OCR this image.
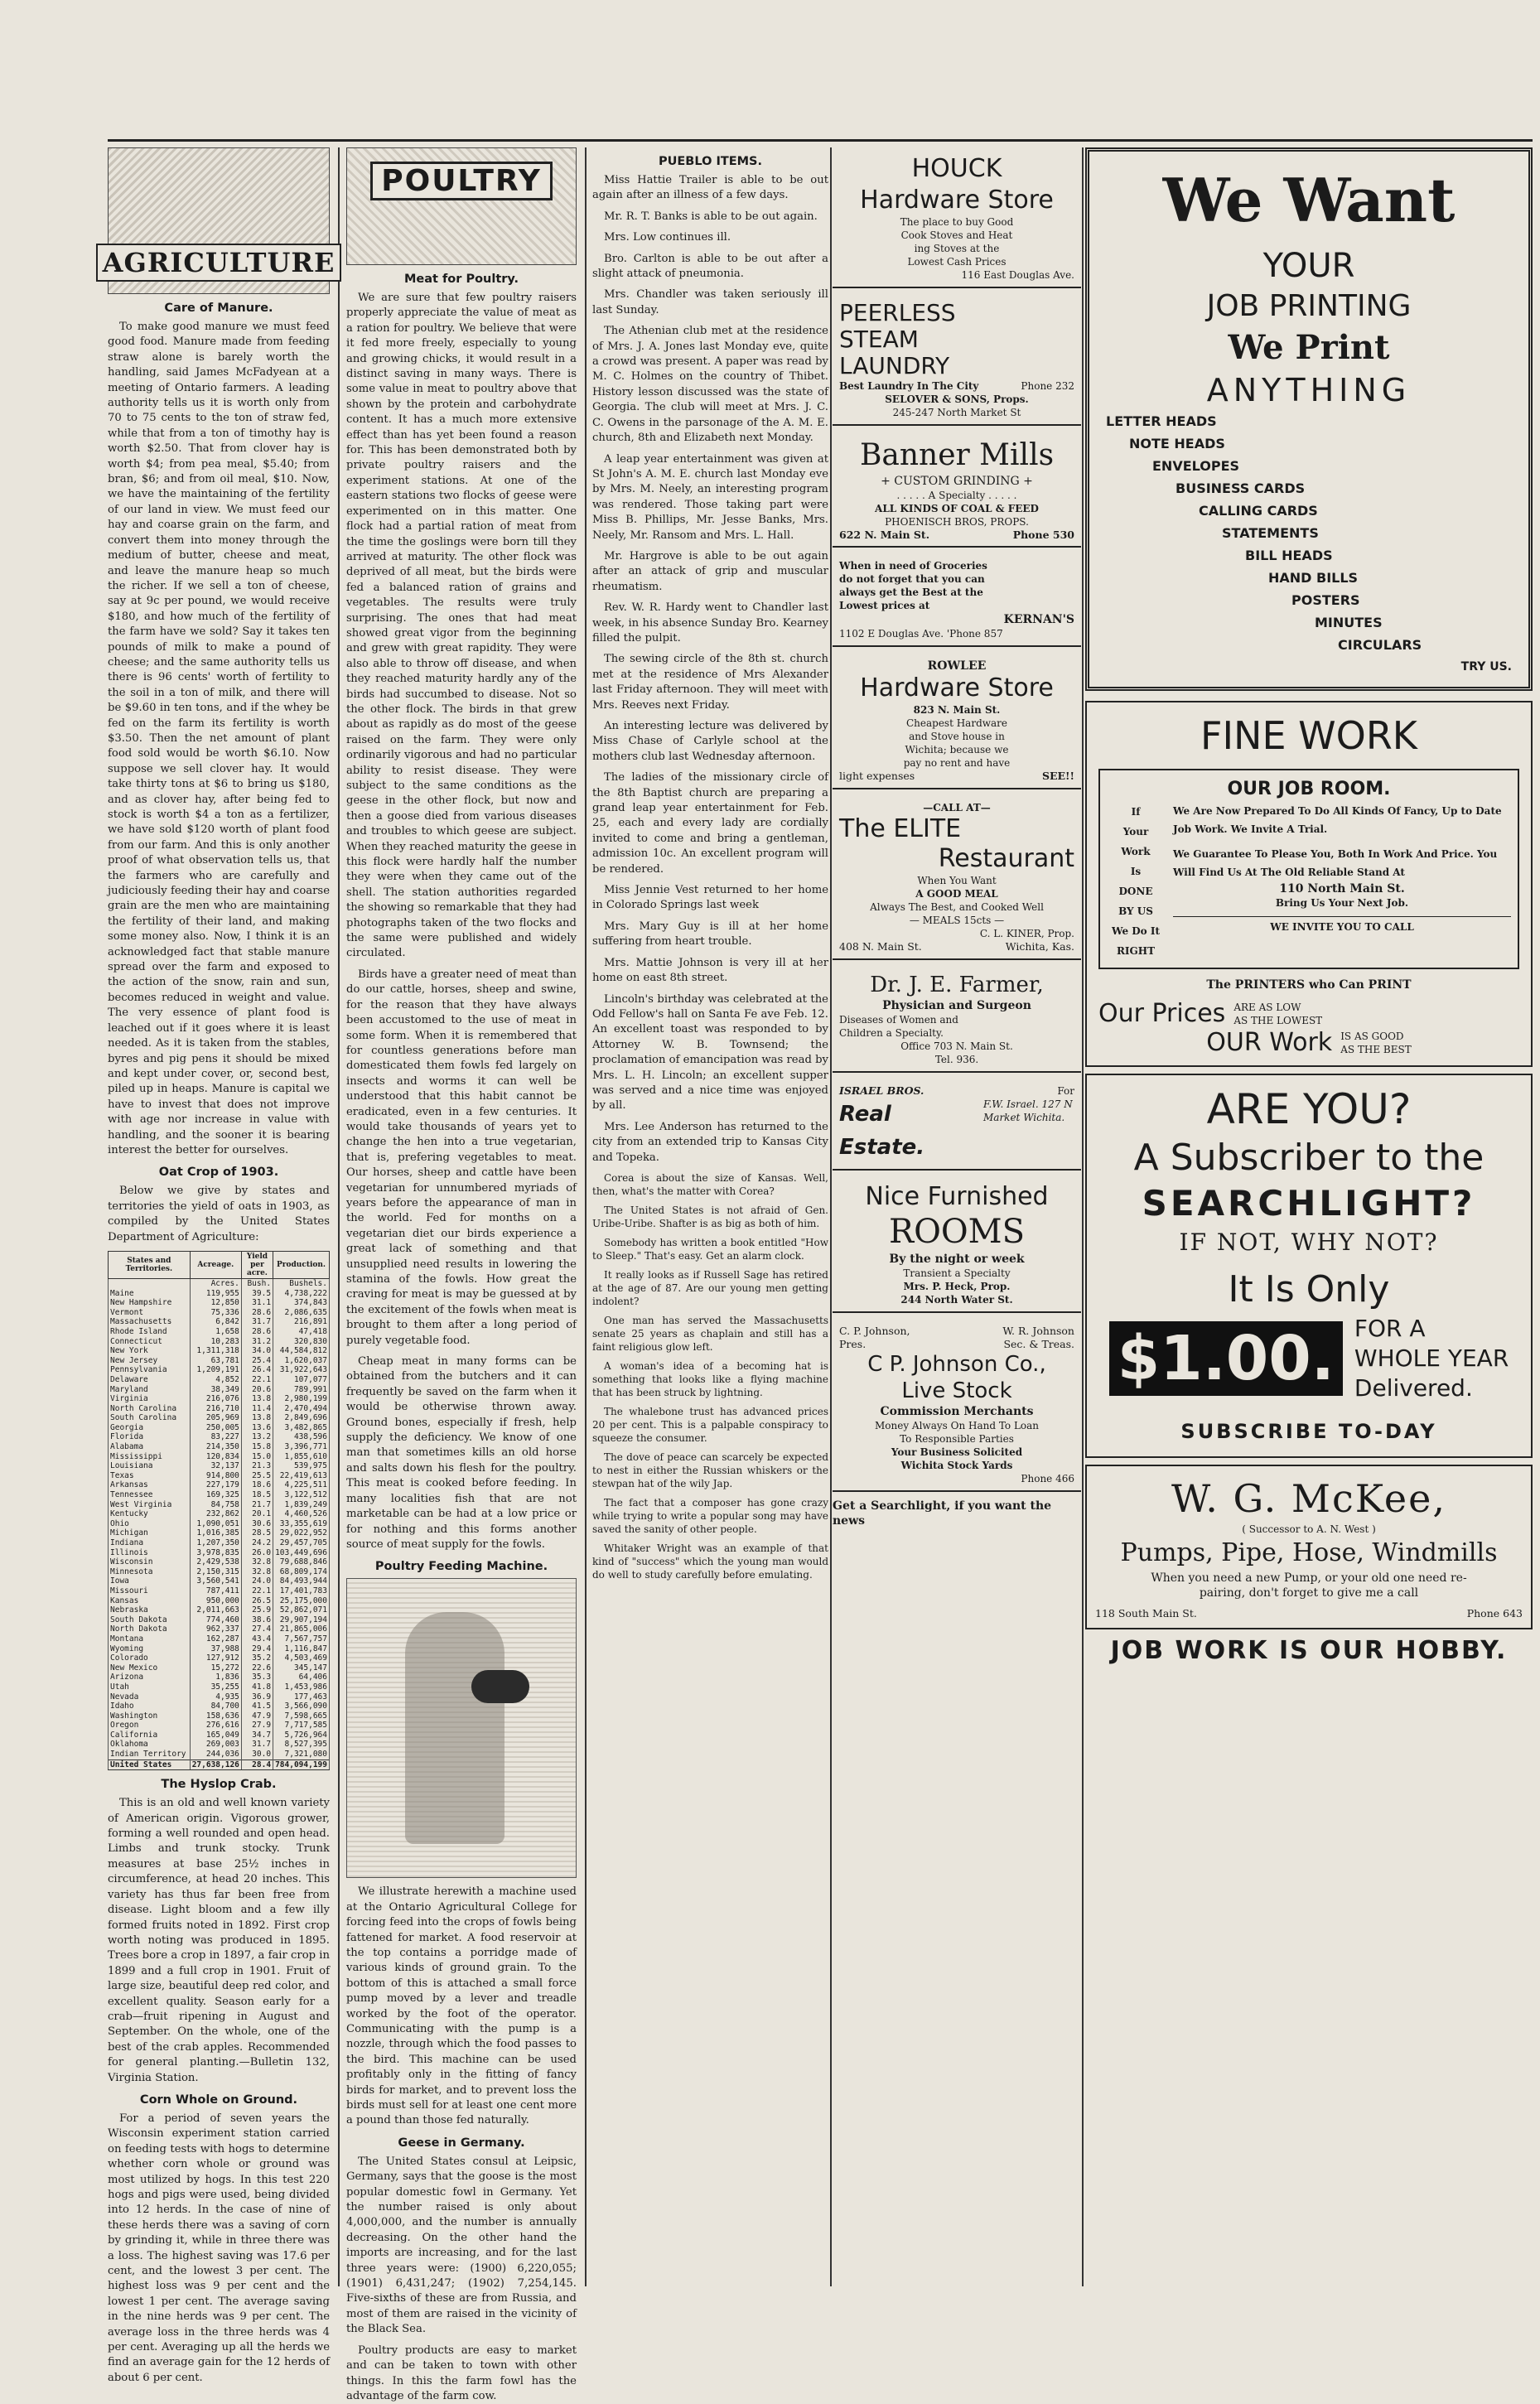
AGRICULTURE
Care of Manure.

To make good manure we must feed good food. Manure made from feeding straw alone is barely worth the handling, said James McFadyean at a meeting of Ontario farmers. A leading authority tells us it is worth only from 70 to 75 cents to the ton of straw fed, while that from a ton of timothy hay is worth $2.50. That from clover hay is worth $4; from pea meal, $5.40; from bran, $6; and from oil meal, $10. Now, we have the maintaining of the fertility of our land in view. We must feed our hay and coarse grain on the farm, and convert them into money through the medium of butter, cheese and meat, and leave the manure heap so much the richer. If we sell a ton of cheese, say at 9c per pound, we would receive $180, and how much of the fertility of the farm have we sold? Say it takes ten pounds of milk to make a pound of cheese; and the same authority tells us there is 96 cents' worth of fertility to the soil in a ton of milk, and there will be $9.60 in ten tons, and if the whey be fed on the farm its fertility is worth $3.50. Then the net amount of plant food sold would be worth $6.10. Now suppose we sell clover hay. It would take thirty tons at $6 to bring us $180, and as clover hay, after being fed to stock is worth $4 a ton as a fertilizer, we have sold $120 worth of plant food from our farm. And this is only another proof of what observation tells us, that the farmers who are carefully and judiciously feeding their hay and coarse grain are the men who are maintaining the fertility of their land, and making some money also. Now, I think it is an acknowledged fact that stable manure spread over the farm and exposed to the action of the snow, rain and sun, becomes reduced in weight and value. The very essence of plant food is leached out if it goes where it is least needed. As it is taken from the stables, byres and pig pens it should be mixed and kept under cover, or, second best, piled up in heaps. Manure is capital we have to invest that does not improve with age nor increase in value with handling, and the sooner it is bearing interest the better for ourselves.

Oat Crop of 1903.

Below we give by states and territories the yield of oats in 1903, as compiled by the United States Department of Agriculture:

States and Territories.	Acreage.	Yield per acre.	Production.
	Acres.	Bush.	Bushels.
Maine	119,955	39.5	4,738,222
New Hampshire	12,850	31.1	374,843
Vermont	75,336	28.6	2,086,635
Massachusetts	6,842	31.7	216,891
Rhode Island	1,658	28.6	47,418
Connecticut	10,283	31.2	320,830
New York	1,311,318	34.0	44,584,812
New Jersey	63,781	25.4	1,620,037
Pennsylvania	1,209,191	26.4	31,922,643
Delaware	4,852	22.1	107,077
Maryland	38,349	20.6	789,991
Virginia	216,076	13.8	2,980,199
North Carolina	216,710	11.4	2,470,494
South Carolina	205,969	13.8	2,849,696
Georgia	250,005	13.6	3,482,865
Florida	83,227	13.2	438,596
Alabama	214,350	15.8	3,396,771
Mississippi	120,834	15.0	1,855,610
Louisiana	32,137	21.3	539,975
Texas	914,800	25.5	22,419,613
Arkansas	227,179	18.6	4,225,511
Tennessee	169,325	18.5	3,122,512
West Virginia	84,758	21.7	1,839,249
Kentucky	232,862	20.1	4,460,526
Ohio	1,090,051	30.6	33,355,619
Michigan	1,016,385	28.5	29,022,952
Indiana	1,207,350	24.2	29,457,705
Illinois	3,978,835	26.0	103,449,696
Wisconsin	2,429,538	32.8	79,688,846
Minnesota	2,150,315	32.8	68,809,174
Iowa	3,560,541	24.0	84,493,944
Missouri	787,411	22.1	17,401,783
Kansas	950,000	26.5	25,175,000
Nebraska	2,011,663	25.9	52,862,071
South Dakota	774,460	38.6	29,907,194
North Dakota	962,337	27.4	21,865,006
Montana	162,287	43.4	7,567,757
Wyoming	37,988	29.4	1,116,847
Colorado	127,912	35.2	4,503,469
New Mexico	15,272	22.6	345,147
Arizona	1,836	35.3	64,406
Utah	35,255	41.8	1,453,986
Nevada	4,935	36.9	177,463
Idaho	84,700	41.5	3,566,090
Washington	158,636	47.9	7,598,665
Oregon	276,616	27.9	7,717,585
California	165,049	34.7	5,726,964
Oklahoma	269,003	31.7	8,527,395
Indian Territory	244,036	30.0	7,321,080
United States	27,638,126	28.4	784,094,199
The Hyslop Crab.

This is an old and well known variety of American origin. Vigorous grower, forming a well rounded and open head. Limbs and trunk stocky. Trunk measures at base 25½ inches in circumference, at head 20 inches. This variety has thus far been free from disease. Light bloom and a few illy formed fruits noted in 1892. First crop worth noting was produced in 1895. Trees bore a crop in 1897, a fair crop in 1899 and a full crop in 1901. Fruit of large size, beautiful deep red color, and excellent quality. Season early for a crab—fruit ripening in August and September. On the whole, one of the best of the crab apples. Recommended for general planting.—Bulletin 132, Virginia Station.

Corn Whole on Ground.

For a period of seven years the Wisconsin experiment station carried on feeding tests with hogs to determine whether corn whole or ground was most utilized by hogs. In this test 220 hogs and pigs were used, being divided into 12 herds. In the case of nine of these herds there was a saving of corn by grinding it, while in three there was a loss. The highest saving was 17.6 per cent, and the lowest 3 per cent. The highest loss was 9 per cent and the lowest 1 per cent. The average saving in the nine herds was 9 per cent. The average loss in the three herds was 4 per cent. Averaging up all the herds we find an average gain for the 12 herds of about 6 per cent.

POULTRY
Meat for Poultry.

We are sure that few poultry raisers properly appreciate the value of meat as a ration for poultry. We believe that were it fed more freely, especially to young and growing chicks, it would result in a distinct saving in many ways. There is some value in meat to poultry above that shown by the protein and carbohydrate content. It has a much more extensive effect than has yet been found a reason for. This has been demonstrated both by private poultry raisers and the experiment stations. At one of the eastern stations two flocks of geese were experimented on in this matter. One flock had a partial ration of meat from the time the goslings were born till they arrived at maturity. The other flock was deprived of all meat, but the birds were fed a balanced ration of grains and vegetables. The results were truly surprising. The ones that had meat showed great vigor from the beginning and grew with great rapidity. They were also able to throw off disease, and when they reached maturity hardly any of the birds had succumbed to disease. Not so the other flock. The birds in that grew about as rapidly as do most of the geese raised on the farm. They were only ordinarily vigorous and had no particular ability to resist disease. They were subject to the same conditions as the geese in the other flock, but now and then a goose died from various diseases and troubles to which geese are subject. When they reached maturity the geese in this flock were hardly half the number they were when they came out of the shell. The station authorities regarded the showing so remarkable that they had photographs taken of the two flocks and the same were published and widely circulated.

Birds have a greater need of meat than do our cattle, horses, sheep and swine, for the reason that they have always been accustomed to the use of meat in some form. When it is remembered that for countless generations before man domesticated them fowls fed largely on insects and worms it can well be understood that this habit cannot be eradicated, even in a few centuries. It would take thousands of years yet to change the hen into a true vegetarian, that is, prefering vegetables to meat. Our horses, sheep and cattle have been vegetarian for unnumbered myriads of years before the appearance of man in the world. Fed for months on a vegetarian diet our birds experience a great lack of something and that unsupplied need results in lowering the stamina of the fowls. How great the craving for meat is may be guessed at by the excitement of the fowls when meat is brought to them after a long period of purely vegetable food.

Cheap meat in many forms can be obtained from the butchers and it can frequently be saved on the farm when it would be otherwise thrown away. Ground bones, especially if fresh, help supply the deficiency. We know of one man that sometimes kills an old horse and salts down his flesh for the poultry. This meat is cooked before feeding. In many localities fish that are not marketable can be had at a low price or for nothing and this forms another source of meat supply for the fowls.

Poultry Feeding Machine.

We illustrate herewith a machine used at the Ontario Agricultural College for forcing feed into the crops of fowls being fattened for market. A food reservoir at the top contains a porridge made of various kinds of ground grain. To the bottom of this is attached a small force pump moved by a lever and treadle worked by the foot of the operator. Communicating with the pump is a nozzle, through which the food passes to the bird. This machine can be used profitably only in the fitting of fancy birds for market, and to prevent loss the birds must sell for at least one cent more a pound than those fed naturally.

Geese in Germany.

The United States consul at Leipsic, Germany, says that the goose is the most popular domestic fowl in Germany. Yet the number raised is only about 4,000,000, and the number is annually decreasing. On the other hand the imports are increasing, and for the last three years were: (1900) 6,220,055; (1901) 6,431,247; (1902) 7,254,145. Five-sixths of these are from Russia, and most of them are raised in the vicinity of the Black Sea.

Poultry products are easy to market and can be taken to town with other things. In this the farm fowl has the advantage of the farm cow.

PUEBLO ITEMS.

Miss Hattie Trailer is able to be out again after an illness of a few days.

Mr. R. T. Banks is able to be out again.

Mrs. Low continues ill.

Bro. Carlton is able to be out after a slight attack of pneumonia.

Mrs. Chandler was taken seriously ill last Sunday.

The Athenian club met at the residence of Mrs. J. A. Jones last Monday eve, quite a crowd was present. A paper was read by M. C. Holmes on the country of Thibet. History lesson discussed was the state of Georgia. The club will meet at Mrs. J. C. C. Owens in the parsonage of the A. M. E. church, 8th and Elizabeth next Monday.

A leap year entertainment was given at St John's A. M. E. church last Monday eve by Mrs. M. Neely, an interesting program was rendered. Those taking part were Miss B. Phillips, Mr. Jesse Banks, Mrs. Neely, Mr. Ransom and Mrs. L. Hall.

Mr. Hargrove is able to be out again after an attack of grip and muscular rheumatism.

Rev. W. R. Hardy went to Chandler last week, in his absence Sunday Bro. Kearney filled the pulpit.

The sewing circle of the 8th st. church met at the residence of Mrs Alexander last Friday afternoon. They will meet with Mrs. Reeves next Friday.

An interesting lecture was delivered by Miss Chase of Carlyle school at the mothers club last Wednesday afternoon.

The ladies of the missionary circle of the 8th Baptist church are preparing a grand leap year entertainment for Feb. 25, each and every lady are cordially invited to come and bring a gentleman, admission 10c. An excellent program will be rendered.

Miss Jennie Vest returned to her home in Colorado Springs last week

Mrs. Mary Guy is ill at her home suffering from heart trouble.

Mrs. Mattie Johnson is very ill at her home on east 8th street.

Lincoln's birthday was celebrated at the Odd Fellow's hall on Santa Fe ave Feb. 12. An excellent toast was responded to by Attorney W. B. Townsend; the proclamation of emancipation was read by Mrs. L. H. Lincoln; an excellent supper was served and a nice time was enjoyed by all.

Mrs. Lee Anderson has returned to the city from an extended trip to Kansas City and Topeka.

Corea is about the size of Kansas. Well, then, what's the matter with Corea?

The United States is not afraid of Gen. Uribe-Uribe. Shafter is as big as both of him.

Somebody has written a book entitled "How to Sleep." That's easy. Get an alarm clock.

It really looks as if Russell Sage has retired at the age of 87. Are our young men getting indolent?

One man has served the Massachusetts senate 25 years as chaplain and still has a faint religious glow left.

A woman's idea of a becoming hat is something that looks like a flying machine that has been struck by lightning.

The whalebone trust has advanced prices 20 per cent. This is a palpable conspiracy to squeeze the consumer.

The dove of peace can scarcely be expected to nest in either the Russian whiskers or the stewpan hat of the wily Jap.

The fact that a composer has gone crazy while trying to write a popular song may have saved the sanity of other people.

Whitaker Wright was an example of that kind of "success" which the young man would do well to study carefully before emulating.

HOUCK
Hardware Store
The place to buy Good
Cook Stoves and Heat
ing Stoves at the
Lowest Cash Prices
116 East Douglas Ave.
PEERLESS
STEAM
LAUNDRY
Best Laundry In The City	Phone 232
SELOVER & SONS, Props.
245-247 North Market St
Banner Mills
+ CUSTOM GRINDING +
. . . . . A Specialty . . . . .
ALL KINDS OF COAL & FEED
PHOENISCH BROS, PROPS.
622 N. Main St.	Phone 530
When in need of Groceries
do not forget that you can
always get the Best at the
Lowest prices at
KERNAN'S
1102 E Douglas Ave. 'Phone 857
ROWLEE
Hardware Store
823 N. Main St.
Cheapest Hardware
and Stove house in
Wichita; because we
pay no rent and have
light expenses	SEE!!
—CALL AT—
The ELITE
Restaurant
When You Want
A GOOD MEAL
Always The Best, and Cooked Well
— MEALS 15cts —
C. L. KINER, Prop.
408 N. Main St.	Wichita, Kas.
Dr. J. E. Farmer,
Physician and Surgeon
Diseases of Women and
Children a Specialty.
Office 703 N. Main St.
Tel. 936.
ISRAEL BROS.	For
Real Estate.
F.W. Israel. 127 N Market Wichita.
Nice Furnished
ROOMS
By the night or week
Transient a Specialty
Mrs. P. Heck, Prop.
244 North Water St.
C. P. Johnson,	W. R. Johnson
Pres.	Sec. & Treas.
C P. Johnson Co.,
Live Stock
Commission Merchants
Money Always On Hand To Loan
To Responsible Parties
Your Business Solicited
Wichita Stock Yards
Phone 466
Get a Searchlight, if you want the news
We Want
YOUR
JOB PRINTING
We Print
ANYTHING
LETTER HEADS
NOTE HEADS
ENVELOPES
BUSINESS CARDS
CALLING CARDS
STATEMENTS
BILL HEADS
HAND BILLS
POSTERS
MINUTES
CIRCULARS
TRY US.
FINE WORK
OUR JOB ROOM.
If
Your
Work
Is
DONE
BY US
We Do It
RIGHT
We Are Now Prepared To Do All Kinds Of Fancy, Up to Date Job Work. We Invite A Trial.
We Guarantee To Please You, Both In Work And Price. You Will Find Us At The Old Reliable Stand At
110 North Main St.
Bring Us Your Next Job.
WE INVITE YOU TO CALL
The PRINTERS who Can PRINT
Our Prices ARE AS LOW
AS THE LOWEST
OUR Work IS AS GOOD
AS THE BEST
ARE YOU?
A Subscriber to the
SEARCHLIGHT?
IF NOT, WHY NOT?
It Is Only
$1.00. FOR A
WHOLE YEAR
Delivered.
SUBSCRIBE TO-DAY
W. G. McKee,
( Successor to A. N. West )
Pumps, Pipe, Hose, Windmills
When you need a new Pump, or your old one need re-
pairing, don't forget to give me a call
118 South Main St.	Phone 643
JOB WORK IS OUR HOBBY.
